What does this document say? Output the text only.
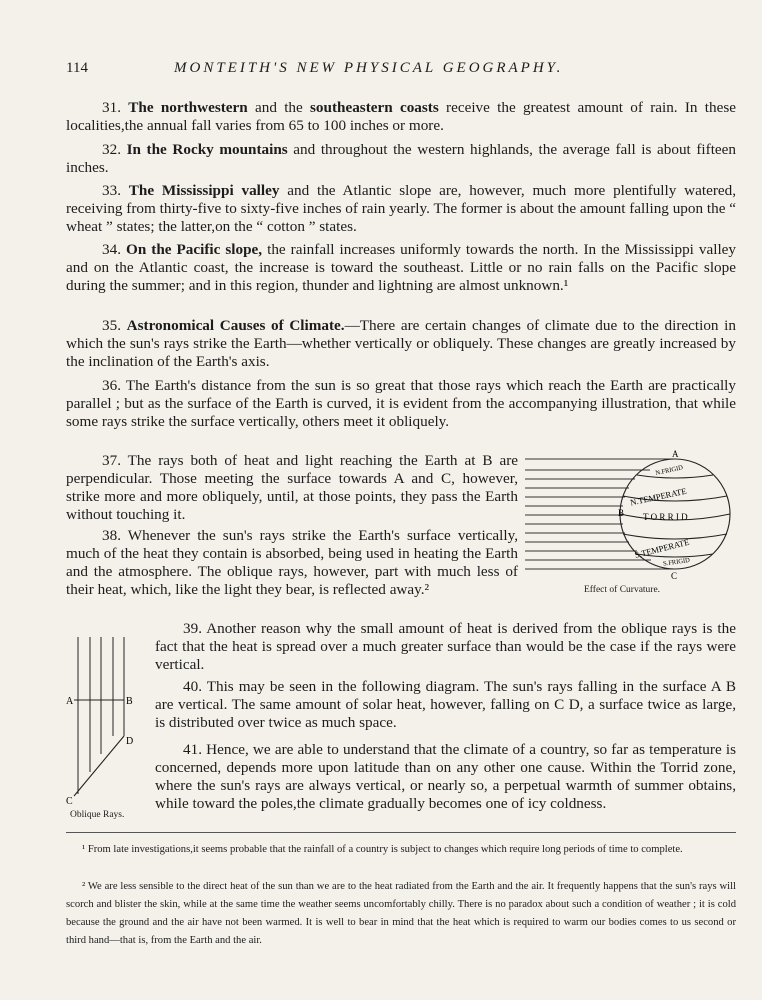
114	MONTEITH'S NEW PHYSICAL GEOGRAPHY.

31. The northwestern and the southeastern coasts receive the greatest amount of rain. In these localities,the annual fall varies from 65 to 100 inches or more.

32. In the Rocky mountains and throughout the western highlands, the average fall is about fifteen inches.

33. The Mississippi valley and the Atlantic slope are, however, much more plentifully watered, receiving from thirty-five to sixty-five inches of rain yearly. The former is about the amount falling upon the “ wheat ” states; the latter,on the “ cotton ” states.

34. On the Pacific slope, the rainfall increases uniformly towards the north. In the Mississippi valley and on the Atlantic coast, the increase is toward the southeast. Little or no rain falls on the Pacific slope during the summer; and in this region, thunder and lightning are almost unknown.¹

35. Astronomical Causes of Climate.—There are certain changes of climate due to the direction in which the sun's rays strike the Earth—whether vertically or obliquely. These changes are greatly increased by the inclination of the Earth's axis.

36. The Earth's distance from the sun is so great that those rays which reach the Earth are practically parallel ; but as the surface of the Earth is curved, it is evident from the accompanying illustration, that while some rays strike the surface vertically, others meet it obliquely.

37. The rays both of heat and light reaching the Earth at B are perpendicular. Those meeting the surface towards A and C, however, strike more and more obliquely, until, at those points, they pass the Earth without touching it.

38. Whenever the sun's rays strike the Earth's surface vertically, much of the heat they contain is absorbed, being used in heating the Earth and the atmosphere. The oblique rays, however, part with much less of their heat, which, like the light they bear, is reflected away.²

A
B
C
N.FRIGID
N.TEMPERATE
T O R R I D
S.TEMPERATE
S.FRIGID
Effect of Curvature.

39. Another reason why the small amount of heat is derived from the oblique rays is the fact that the heat is spread over a much greater surface than would be the case if the rays were vertical.

40. This may be seen in the following diagram. The sun's rays falling in the surface A B are vertical. The same amount of solar heat, however, falling on C D, a surface twice as large, is distributed over twice as much space.

41. Hence, we are able to understand that the climate of a country, so far as temperature is concerned, depends more upon latitude than on any other one cause. Within the Torrid zone, where the sun's rays are always vertical, or nearly so, a perpetual warmth of summer obtains, while toward the poles,the climate gradually becomes one of icy coldness.

A	B
C
D
Oblique Rays.

¹ From late investigations,it seems probable that the rainfall of a country is subject to changes which require long periods of time to complete.

² We are less sensible to the direct heat of the sun than we are to the heat radiated from the Earth and the air. It frequently happens that the sun's rays will scorch and blister the skin, while at the same time the weather seems uncomfortably chilly. There is no paradox about such a condition of weather ; it is cold because the ground and the air have not been warmed. It is well to bear in mind that the heat which is required to warm our bodies comes to us second or third hand—that is, from the Earth and the air.
